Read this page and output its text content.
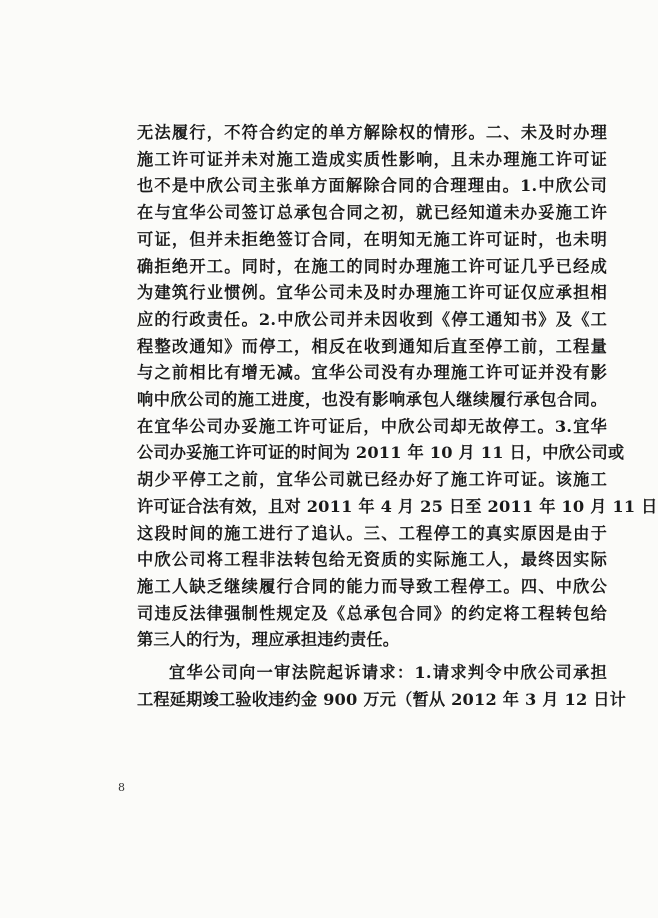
无法履行，不符合约定的单方解除权的情形。二、未及时办理
施工许可证并未对施工造成实质性影响，且未办理施工许可证
也不是中欣公司主张单方面解除合同的合理理由。1.中欣公司
在与宜华公司签订总承包合同之初，就已经知道未办妥施工许
可证，但并未拒绝签订合同，在明知无施工许可证时，也未明
确拒绝开工。同时，在施工的同时办理施工许可证几乎已经成
为建筑行业惯例。宜华公司未及时办理施工许可证仅应承担相
应的行政责任。2.中欣公司并未因收到《停工通知书》及《工
程整改通知》而停工，相反在收到通知后直至停工前，工程量
与之前相比有增无减。宜华公司没有办理施工许可证并没有影
响中欣公司的施工进度，也没有影响承包人继续履行承包合同。
在宜华公司办妥施工许可证后，中欣公司却无故停工。3.宜华
公司办妥施工许可证的时间为 2011 年 10 月 11 日，中欣公司或
胡少平停工之前，宜华公司就已经办好了施工许可证。该施工
许可证合法有效，且对 2011 年 4 月 25 日至 2011 年 10 月 11 日
这段时间的施工进行了追认。三、工程停工的真实原因是由于
中欣公司将工程非法转包给无资质的实际施工人，最终因实际
施工人缺乏继续履行合同的能力而导致工程停工。四、中欣公
司违反法律强制性规定及《总承包合同》的约定将工程转包给
第三人的行为，理应承担违约责任。
宜华公司向一审法院起诉请求：1.请求判令中欣公司承担
工程延期竣工验收违约金 900 万元（暂从 2012 年 3 月 12 日计
8
